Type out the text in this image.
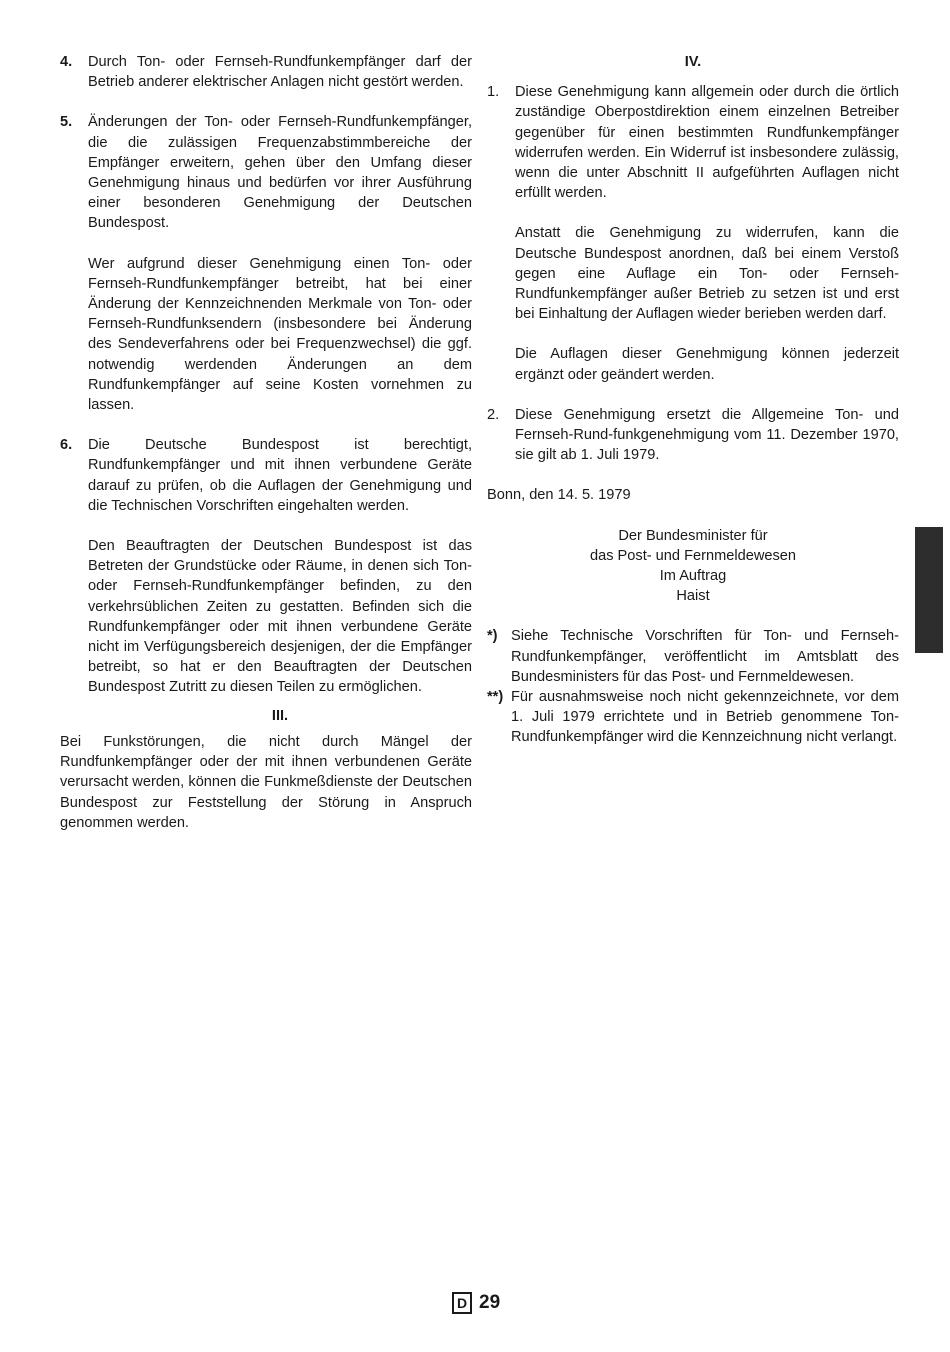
4.	Durch Ton- oder Fernseh-Rundfunkempfänger darf der Betrieb anderer elektrischer Anlagen nicht gestört werden.

5.	Änderungen der Ton- oder Fernseh-Rundfunkempfänger, die die zulässigen Frequenzabstimmbereiche der Empfänger erweitern, gehen über den Umfang dieser Genehmigung hinaus und bedürfen vor ihrer Ausführung einer besonderen Genehmigung der Deutschen Bundespost.

Wer aufgrund dieser Genehmigung einen Ton- oder Fernseh-Rundfunkempfänger betreibt, hat bei einer Änderung der Kennzeichnenden Merkmale von Ton- oder Fernseh-Rundfunksendern (insbesondere bei Änderung des Sendeverfahrens oder bei Frequenzwechsel) die ggf. notwendig werdenden Änderungen an dem Rundfunkempfänger auf seine Kosten vornehmen zu lassen.

6.	Die Deutsche Bundespost ist berechtigt, Rundfunkempfänger und mit ihnen verbundene Geräte darauf zu prüfen, ob die Auflagen der Genehmigung und die Technischen Vorschriften eingehalten werden.

Den Beauftragten der Deutschen Bundespost ist das Betreten der Grundstücke oder Räume, in denen sich Ton- oder Fernseh-Rundfunkempfänger befinden, zu den verkehrsüblichen Zeiten zu gestatten. Befinden sich die Rundfunkempfänger oder mit ihnen verbundene Geräte nicht im Verfügungsbereich desjenigen, der die Empfänger betreibt, so hat er den Beauftragten der Deutschen Bundespost Zutritt zu diesen Teilen zu ermöglichen.

III.

Bei Funkstörungen, die nicht durch Mängel der Rundfunkempfänger oder der mit ihnen verbundenen Geräte verursacht werden, können die Funkmeßdienste der Deutschen Bundespost zur Feststellung der Störung in Anspruch genommen werden.

IV.
1.	Diese Genehmigung kann allgemein oder durch die örtlich zuständige Oberpostdirektion einem einzelnen Betreiber gegenüber für einen bestimmten Rundfunkempfänger widerrufen werden. Ein Widerruf ist insbesondere zulässig, wenn die unter Abschnitt II aufgeführten Auflagen nicht erfüllt werden.

Anstatt die Genehmigung zu widerrufen, kann die Deutsche Bundespost anordnen, daß bei einem Verstoß gegen eine Auflage ein Ton- oder Fernseh-Rundfunkempfänger außer Betrieb zu setzen ist und erst bei Einhaltung der Auflagen wieder berieben werden darf.

Die Auflagen dieser Genehmigung können jederzeit ergänzt oder geändert werden.

2.	Diese Genehmigung ersetzt die Allgemeine Ton- und Fernseh-Rund-funkgenehmigung vom 11. Dezember 1970, sie gilt ab 1. Juli 1979.

Bonn, den 14. 5. 1979

Der Bundesminister für
das Post- und Fernmeldewesen
Im Auftrag
Haist
*) Siehe Technische Vorschriften für Ton- und Fernseh-Rundfunkempfänger, veröffentlicht im Amtsblatt des Bundesministers für das Post- und Fernmeldewesen.
**) Für ausnahmsweise noch nicht gekennzeichnete, vor dem 1. Juli 1979 errichtete und in Betrieb genommene Ton-Rundfunkempfänger wird die Kennzeichnung nicht verlangt.
D 29
